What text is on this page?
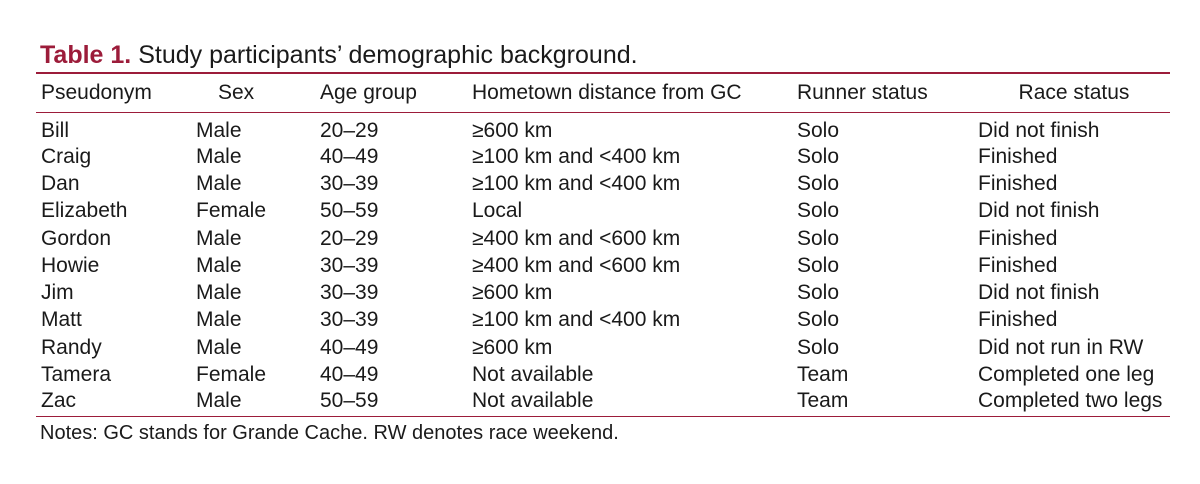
Table 1. Study participants’ demographic background.
Pseudonym	Sex	Age group	Hometown distance from GC	Runner status	Race status
Bill	Male	20–29	≥600 km	Solo	Did not finish
Craig	Male	40–49	≥100 km and <400 km	Solo	Finished
Dan	Male	30–39	≥100 km and <400 km	Solo	Finished
Elizabeth	Female	50–59	Local	Solo	Did not finish
Gordon	Male	20–29	≥400 km and <600 km	Solo	Finished
Howie	Male	30–39	≥400 km and <600 km	Solo	Finished
Jim	Male	30–39	≥600 km	Solo	Did not finish
Matt	Male	30–39	≥100 km and <400 km	Solo	Finished
Randy	Male	40–49	≥600 km	Solo	Did not run in RW
Tamera	Female	40–49	Not available	Team	Completed one leg
Zac	Male	50–59	Not available	Team	Completed two legs
Notes: GC stands for Grande Cache. RW denotes race weekend.
